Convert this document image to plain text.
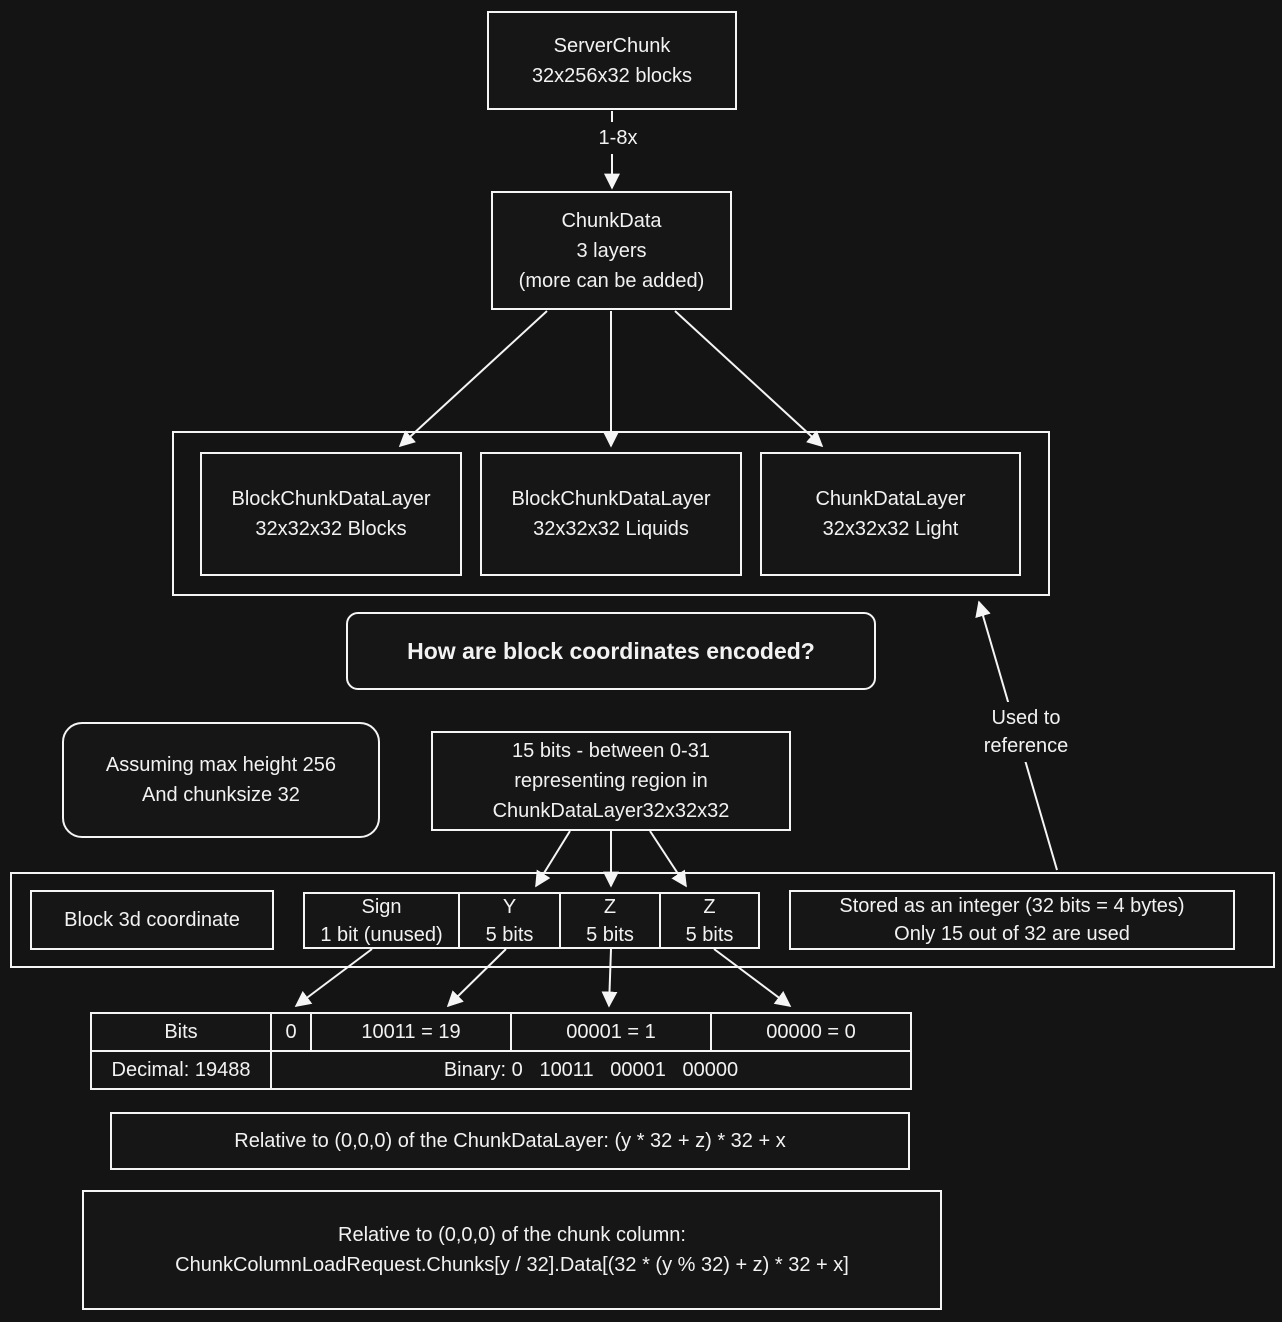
ServerChunk
32x256x32 blocks
ChunkData
3 layers
(more can be added)
BlockChunkDataLayer
32x32x32 Blocks
BlockChunkDataLayer
32x32x32 Liquids
ChunkDataLayer
32x32x32 Light
How are block coordinates encoded?
Assuming max height 256
And chunksize 32
15 bits - between 0-31
representing region in
ChunkDataLayer32x32x32
Block 3d coordinate
Sign
1 bit (unused)
Y
5 bits
Z
5 bits
Z
5 bits
Stored as an integer (32 bits = 4 bytes)
Only 15 out of 32 are used
Bits	0	10011 = 19	00001 = 1	00000 = 0
Decimal: 19488	Binary: 0   10011   00001   00000
Relative to (0,0,0) of the ChunkDataLayer: (y * 32 + z) * 32 + x
Relative to (0,0,0) of the chunk column:
ChunkColumnLoadRequest.Chunks[y / 32].Data[(32 * (y % 32) + z) * 32 + x]
1-8x
Used to
reference
